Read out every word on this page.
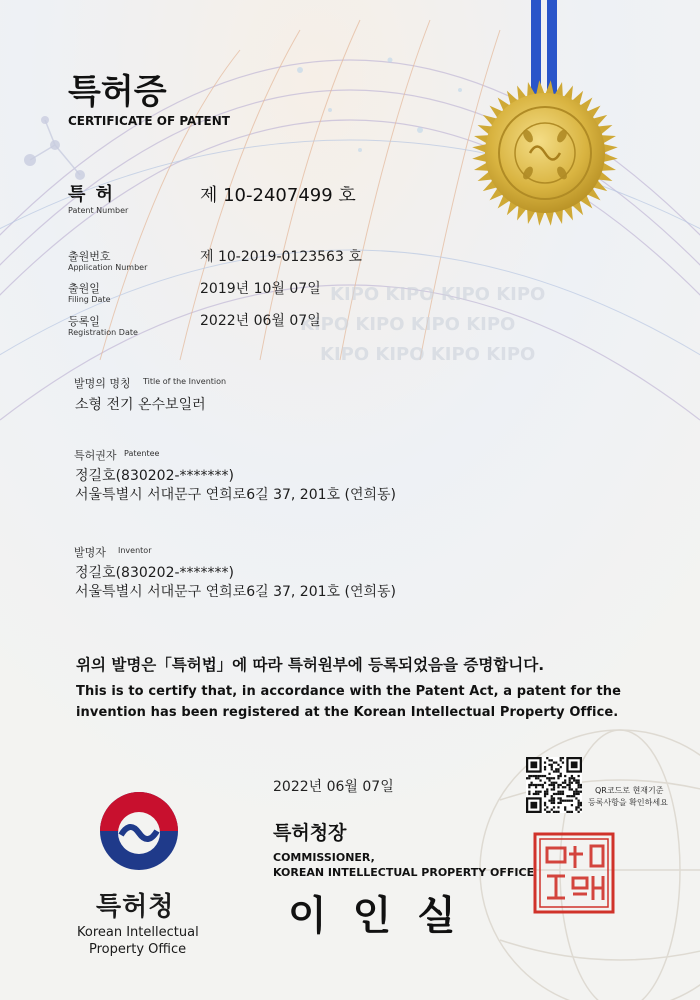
KIPO KIPO KIPO KIPO
KIPO KIPO KIPO KIPO
KIPO KIPO KIPO KIPO
특허증
CERTIFICATE OF PATENT
특 허
Patent Number
제 10-2407499 호
출원번호
Application Number
제 10-2019-0123563 호
출원일
Filing Date
2019년 10월 07일
등록일
Registration Date
2022년 06월 07일
발명의 명칭 Title of the Invention
소형 전기 온수보일러
특허권자 Patentee
정길호(830202-*******)
서울특별시 서대문구 연희로6길 37, 201호 (연희동)
발명자 Inventor
정길호(830202-*******)
서울특별시 서대문구 연희로6길 37, 201호 (연희동)
위의 발명은「특허법」에 따라 특허원부에 등록되었음을 증명합니다.
This is to certify that, in accordance with the Patent Act, a patent for the
invention has been registered at the Korean Intellectual Property Office.
2022년 06월 07일	QR코드로 현재기준
등록사항을 확인하세요
특허청
Korean Intellectual
Property Office
특허청장
COMMISSIONER,
KOREAN INTELLECTUAL PROPERTY OFFICE
이 인 실
